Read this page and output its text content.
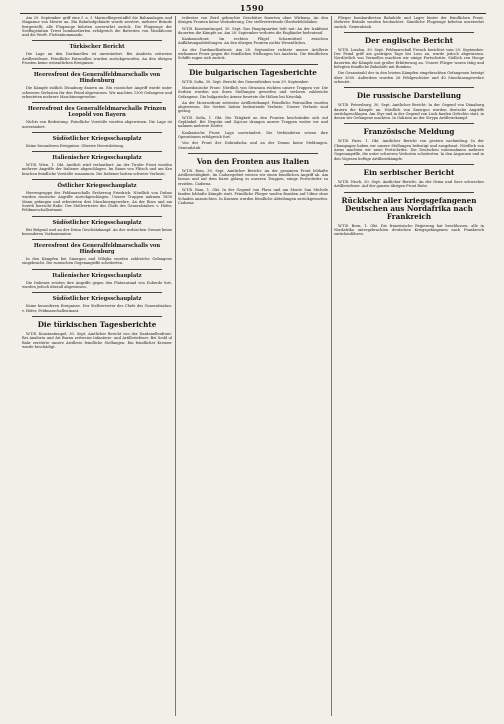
1590

Am 29. September griff eine f. u. f. Marinefliegerstaffel die Bahnanlagen und Magazine von Mestre an. Ein Bahnhofgebäude wurde zerstört, mehrere Brände festgestellt, alle Flugzeuge kehrten unversehrt zurück. Die Flugzeuge der Seeflugstation Triest bombardierten erfolgreich die Batterien von Monfalcone und die Werft. Flottenkommando.

Türkischer Bericht

Die Lage an den Dardanellen ist unverändert. Bei Anaforta zeitweise Artilleriefeuer. Feindliche Patrouillen wurden zurückgeworfen. An den übrigen Fronten keine wesentlichen Ereignisse.

Heeresfront des Generalfeldmarschalls von Hindenburg

Die Kämpfe südlich Dünaburg dauern an. Ein russischer Angriff wurde unter schweren Verlusten für den Feind abgewiesen. Wir machten 1300 Gefangene und erbeuteten mehrere Maschinengewehre.

Heeresfront des Generalfeldmarschalls Prinzen Leopold von Bayern

Nichts von Bedeutung. Feindliche Vorstöße wurden abgewiesen. Die Lage ist unverändert.

Südöstlicher Kriegsschauplatz

Keine besonderen Ereignisse. Oberste Heeresleitung.

Italienischer Kriegsschauplatz

W.T.B. Wien, 1. Okt. Amtlich wird verlautbart: An der Tiroler Front wurden mehrere Angriffe der Italiener abgeschlagen. Im Raum von Flitsch und am Krn brachen feindliche Vorstöße zusammen. Die Italiener hatten schwere Verluste.

Östlicher Kriegsschauplatz

Heeresgruppe des Feldmarschalls Erzherzog Friedrich: Nördlich von Dubno wurden russische Angriffe zurückgeschlagen. Unsere Truppen nahmen 1850 Mann gefangen und erbeuteten drei Maschinengewehre. An der Ikwa und am Sereth herrscht Ruhe. Der Stellvertreter des Chefs des Generalstabes: v. Höfer, Feldmarschalleutnant.

Südöstlicher Kriegsschauplatz

Bei Belgrad und an der Drina Geschützkampf. An der serbischen Grenze keine besonderen Vorkommnisse.

Heeresfront des Generalfeldmarschalls von Hindenburg

In den Kämpfen bei Smorgon und Wilejka wurden zahlreiche Gefangene eingebracht. Die russischen Gegenangriffe scheiterten.

Italienischer Kriegsschauplatz

Die Italiener setzten ihre Angriffe gegen den Plateaurand von Doberdo fort, wurden jedoch überall abgewiesen.

Südöstlicher Kriegsschauplatz

Keine besonderen Ereignisse. Der Stellvertreter des Chefs des Generalstabes: v. Höfer, Feldmarschalleutnant.

Die türkischen Tagesberichte

W.T.B. Konstantinopel, 30. Sept. Amtlicher Bericht von der Dardanellenfront: Bei Anaforta und Ari Burnu zeitweise Infanterie- und Artilleriefeuer. Bei Sedd ul Bahr zerstörte unsere Artillerie feindliche Stellungen. Ein feindlicher Kreuzer wurde beschädigt.

teilweise von Bord gebrachte Geschütze feuerten ohne Wirkung. An den übrigen Fronten keine Veränderung. Der stellvertretende Oberbefehlshaber.

W.T.B. Konstantinopel, 30. Sept. Das Hauptquartier teilt mit: An der Irakfront dauerten die Kämpfe an. Am 28. September verloren die Engländer bedeutend.

Kaukasusfront: Im rechten Flügel Scharmützel zwischen Aufklärungsabteilungen. An den übrigen Fronten nichts Wesentliches.

An der Dardanellenfront: Am 28. September richtete unsere Artillerie wirksames Feuer gegen die feindlichen Stellungen bei Anaforta. Die feindlichen Schiffe zogen sich zurück.

Die bulgarischen Tagesberichte

W.T.B. Sofia, 30. Sept. Bericht des Generalstabes vom 29. September:

Mazedonische Front: Nördlich von Strumica rückten unsere Truppen vor. Die Serben wurden aus ihren Stellungen geworfen und verloren zahlreiche Gefangene. Die bulgarische Armee besetzte die Höhen bei Krivolak.

An der Morawafront zeitweise Artilleriekampf. Feindliche Patrouillen wurden abgewiesen. Die Serben hatten bedeutende Verluste. Unsere Verluste sind gering.

W.T.B. Sofia, 1. Okt. Die Tätigkeit an den Fronten beschränkte sich auf Geplänkel. Bei Negotin und Zajecar drangen unsere Truppen weiter vor und nahmen mehrere Dörfer.

Kaukasische Front: Lage unverändert. Die Verbündeten setzen ihre Operationen erfolgreich fort.

Von der Front der Dobrudscha und an der Donau keine Meldungen. Generalstab.

Von den Fronten aus Italien

W.T.B. Rom, 30. Sept. Amtlicher Bericht: An der gesamten Front lebhafte Artillerietätigkeit. Im Cadoregebiet wiesen wir einen feindlichen Angriff ab. Am Isonzo und auf dem Karst gelang es unseren Truppen, einige Fortschritte zu erzielen. Cadorna.

W.T.B. Rom, 1. Okt. In der Gegend von Plava und am Monte San Michele fanden lebhafte Kämpfe statt. Feindliche Flieger warfen Bomben auf Udine ohne Schaden anzurichten. In Karnien wurden feindliche Abteilungen zurückgeworfen. Cadorna.

Flieger bombardierten Bahnhöfe und Lager hinter der feindlichen Front. Mehrere Brände wurden beobachtet. Sämtliche Flugzeuge kehrten unversehrt zurück. Generalstab.

Der englische Bericht

W.T.B. London, 30. Sept. Feldmarschall French berichtet vom 29. September: Der Feind griff am gestrigen Tage bei Loos an, wurde jedoch abgewiesen. Nordöstlich von Vermelles machten wir einige Fortschritte. Südlich von Hooge dauerten die Kämpfe mit großer Erbitterung an. Unsere Flieger waren tätig und belegten feindliche Bahnhöfe mit Bomben.

Die Gesamtzahl der in den letzten Kämpfen eingebrachten Gefangenen beträgt über 3000. Außerdem wurden 26 Feldgeschütze und 40 Maschinengewehre erbeutet.

Die russische Darstellung

W.T.B. Petersburg, 30. Sept. Amtlicher Bericht: In der Gegend von Dünaburg dauern die Kämpfe an. Nördlich von Smorgon wurden deutsche Angriffe zurückgeschlagen. Am Styr und in der Gegend von Luck fanden Gefechte statt, in denen wir Gefangene machten. In Galizien an der Strypa Artilleriekampf.

Französische Meldung

W.T.B. Paris, 1. Okt. Amtlicher Bericht von gestern nachmittag: In der Champagne haben wir unsere Stellungen befestigt und ausgebaut. Nördlich von Arras machten wir neue Fortschritte. Die Deutschen unternahmen mehrere Gegenangriffe, die unter schweren Verlusten scheiterten. In den Argonnen und in den Vogesen heftige Artilleriekämpfe.

Ein serbischer Bericht

W.T.B. Nisch, 30. Sept. Amtlicher Bericht: An der Drina und Save schwaches Artilleriefeuer. Auf der ganzen übrigen Front Ruhe.

Rückkehr aller kriegsgefangenen Deutschen aus Nordafrika nach Frankreich

W.T.B. Bern, 1. Okt. Die französische Regierung hat beschlossen, alle in Nordafrika untergebrachten deutschen Kriegsgefangenen nach Frankreich zurückzuführen.
